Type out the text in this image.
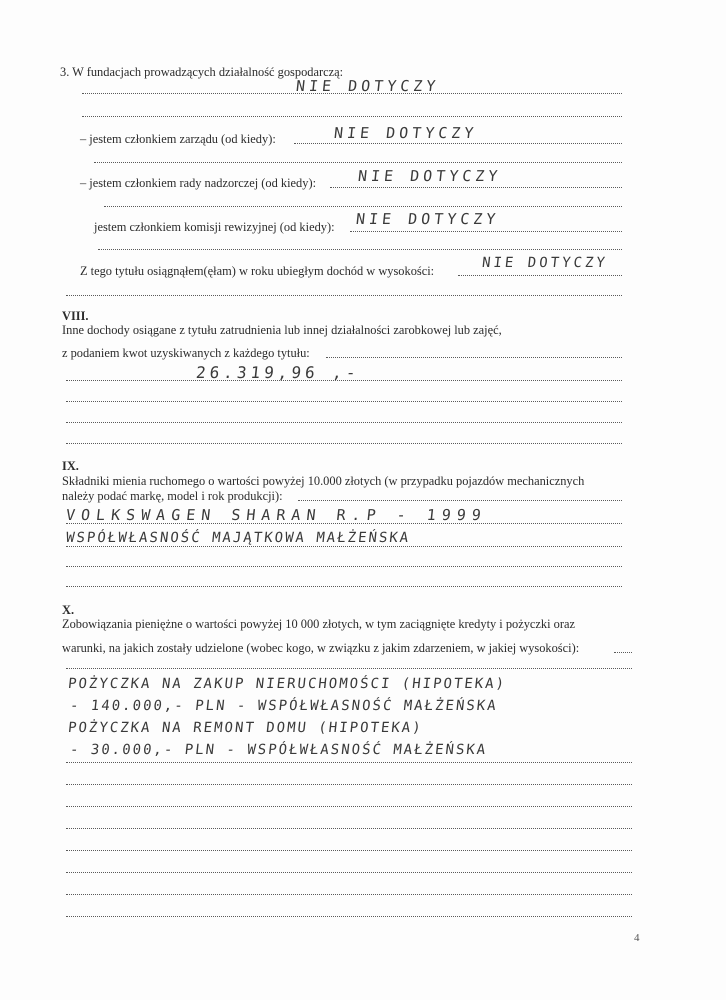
3. W fundacjach prowadzących działalność gospodarczą:
NIE DOTYCZY
– jestem członkiem zarządu (od kiedy):	NIE DOTYCZY
– jestem członkiem rady nadzorczej (od kiedy):	NIE DOTYCZY
jestem członkiem komisji rewizyjnej (od kiedy): NIE DOTYCZY
Z tego tytułu osiągnąłem(ęłam) w roku ubiegłym dochód w wysokości:	NIE DOTYCZY
VIII.
Inne dochody osiągane z tytułu zatrudnienia lub innej działalności zarobkowej lub zajęć,
z podaniem kwot uzyskiwanych z każdego tytułu:
26.319,96 ,-
IX.
Składniki mienia ruchomego o wartości powyżej 10.000 złotych (w przypadku pojazdów mechanicznych
należy podać markę, model i rok produkcji):
VOLKSWAGEN SHARAN R.P - 1999
WSPÓŁWŁASNOŚĆ MAJĄTKOWA MAŁŻEŃSKA
X.
Zobowiązania pieniężne o wartości powyżej 10 000 złotych, w tym zaciągnięte kredyty i pożyczki oraz
warunki, na jakich zostały udzielone (wobec kogo, w związku z jakim zdarzeniem, w jakiej wysokości):
POŻYCZKA NA ZAKUP NIERUCHOMOŚCI (HIPOTEKA)
- 140.000,- PLN - WSPÓŁWŁASNOŚĆ MAŁŻEŃSKA
POŻYCZKA NA REMONT DOMU (HIPOTEKA)
- 30.000,- PLN - WSPÓŁWŁASNOŚĆ MAŁŻEŃSKA
4
